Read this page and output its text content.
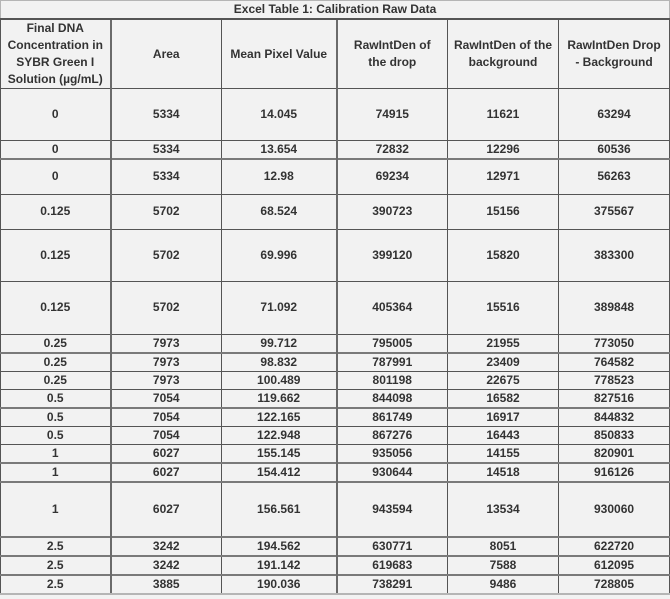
Excel Table 1: Calibration Raw Data					
Final DNA Concentration in SYBR Green I Solution (µg/mL)	Area	Mean Pixel Value	RawIntDen of the drop	RawIntDen of the background	RawIntDen Drop - Background
0	5334	14.045	74915	11621	63294
0	5334	13.654	72832	12296	60536
0	5334	12.98	69234	12971	56263
0.125	5702	68.524	390723	15156	375567
0.125	5702	69.996	399120	15820	383300
0.125	5702	71.092	405364	15516	389848
0.25	7973	99.712	795005	21955	773050
0.25	7973	98.832	787991	23409	764582
0.25	7973	100.489	801198	22675	778523
0.5	7054	119.662	844098	16582	827516
0.5	7054	122.165	861749	16917	844832
0.5	7054	122.948	867276	16443	850833
1	6027	155.145	935056	14155	820901
1	6027	154.412	930644	14518	916126
1	6027	156.561	943594	13534	930060
2.5	3242	194.562	630771	8051	622720
2.5	3242	191.142	619683	7588	612095
2.5	3885	190.036	738291	9486	728805
